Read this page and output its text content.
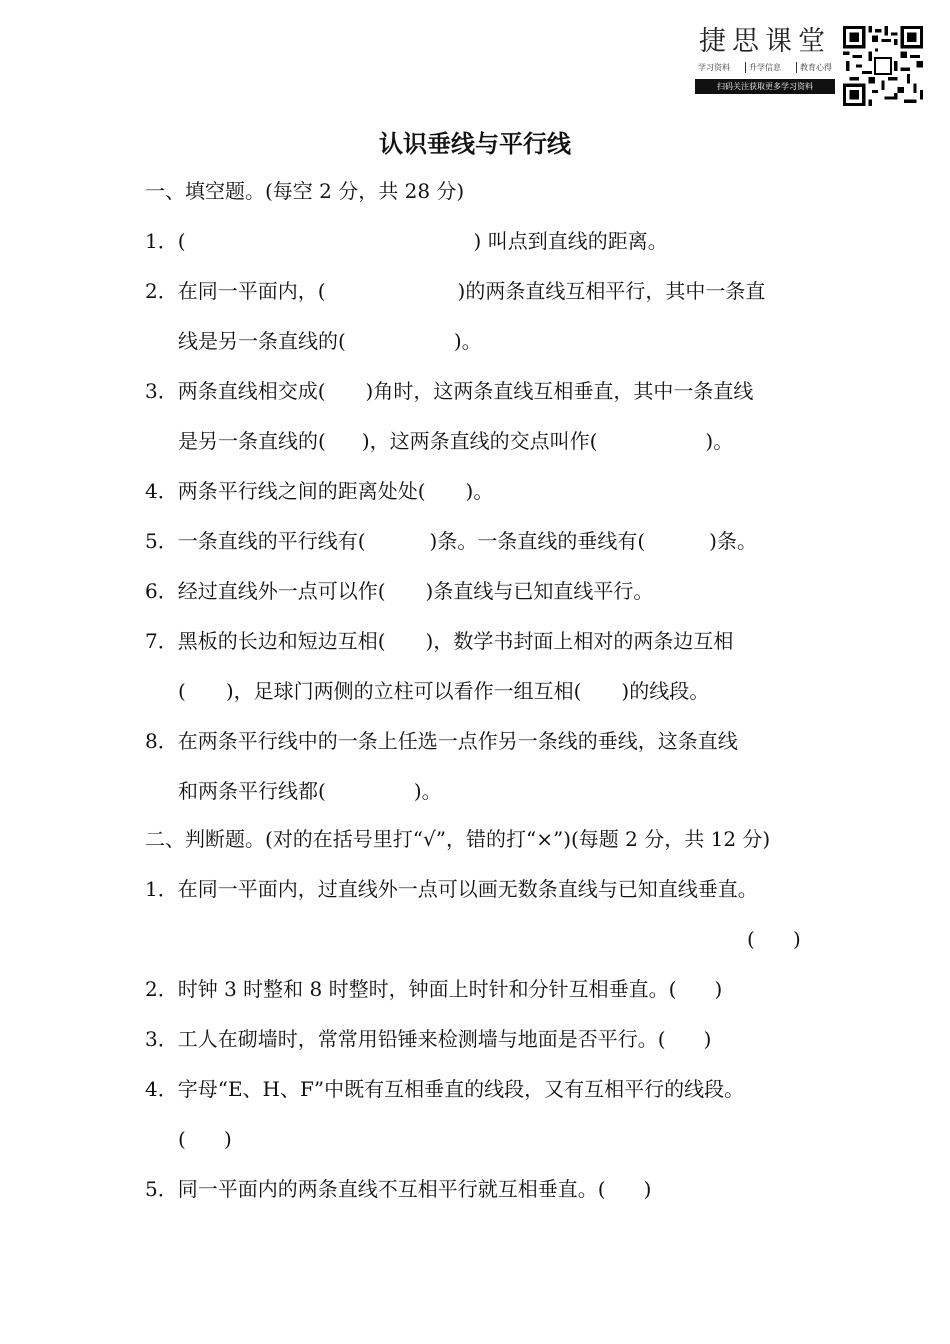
捷思课堂
学习资料	升学信息	教育心得
扫码关注获取更多学习资料
认识垂线与平行线
一、填空题。(每空 2 分，共 28 分)
1．(	) 叫点到直线的距离。
2．在同一平面内，(	)的两条直线互相平行，其中一条直
线是另一条直线的(	)。
3．两条直线相交成( )角时，这两条直线互相垂直，其中一条直线
是另一条直线的( )，这两条直线的交点叫作(	)。
4．两条平行线之间的距离处处( )。
5．一条直线的平行线有(	)条。一条直线的垂线有(	)条。
6．经过直线外一点可以作( )条直线与已知直线平行。
7．黑板的长边和短边互相( )，数学书封面上相对的两条边互相
( )，足球门两侧的立柱可以看作一组互相( )的线段。
8．在两条平行线中的一条上任选一点作另一条线的垂线，这条直线
和两条平行线都(	)。
二、判断题。(对的在括号里打“√”，错的打“×”)(每题 2 分，共 12 分)
1．在同一平面内，过直线外一点可以画无数条直线与已知直线垂直。
(      )
2．时钟 3 时整和 8 时整时，钟面上时针和分针互相垂直。(      )
3．工人在砌墙时，常常用铅锤来检测墙与地面是否平行。(      )
4．字母“E、H、F”中既有互相垂直的线段，又有互相平行的线段。
(      )
5．同一平面内的两条直线不互相平行就互相垂直。(      )
